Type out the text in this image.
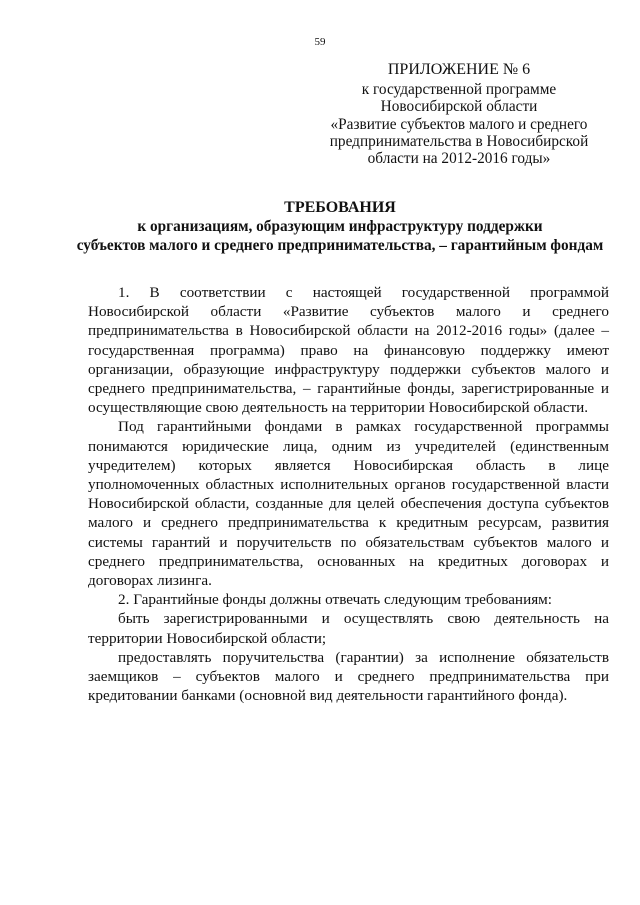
59
ПРИЛОЖЕНИЕ № 6
к государственной программе
Новосибирской области
«Развитие субъектов малого и среднего
предпринимательства в Новосибирской
области на 2012-2016 годы»
ТРЕБОВАНИЯ
к организациям, образующим инфраструктуру поддержки
субъектов малого и среднего предпринимательства, – гарантийным фондам

1. В соответствии с настоящей государственной программой Новосибирской области «Развитие субъектов малого и среднего предпринимательства в Новосибирской области на 2012-2016 годы» (далее – государственная программа) право на финансовую поддержку имеют организации, образующие инфраструктуру поддержки субъектов малого и среднего предпринимательства, – гарантийные фонды, зарегистрированные и осуществляющие свою деятельность на территории Новосибирской области.

Под гарантийными фондами в рамках государственной программы понимаются юридические лица, одним из учредителей (единственным учредителем) которых является Новосибирская область в лице уполномоченных областных исполнительных органов государственной власти Новосибирской области, созданные для целей обеспечения доступа субъектов малого и среднего предпринимательства к кредитным ресурсам, развития системы гарантий и поручительств по обязательствам субъектов малого и среднего предпринимательства, основанных на кредитных договорах и договорах лизинга.

2. Гарантийные фонды должны отвечать следующим требованиям:

быть зарегистрированными и осуществлять свою деятельность на территории Новосибирской области;

предоставлять поручительства (гарантии) за исполнение обязательств заемщиков – субъектов малого и среднего предпринимательства при кредитовании банками (основной вид деятельности гарантийного фонда).
